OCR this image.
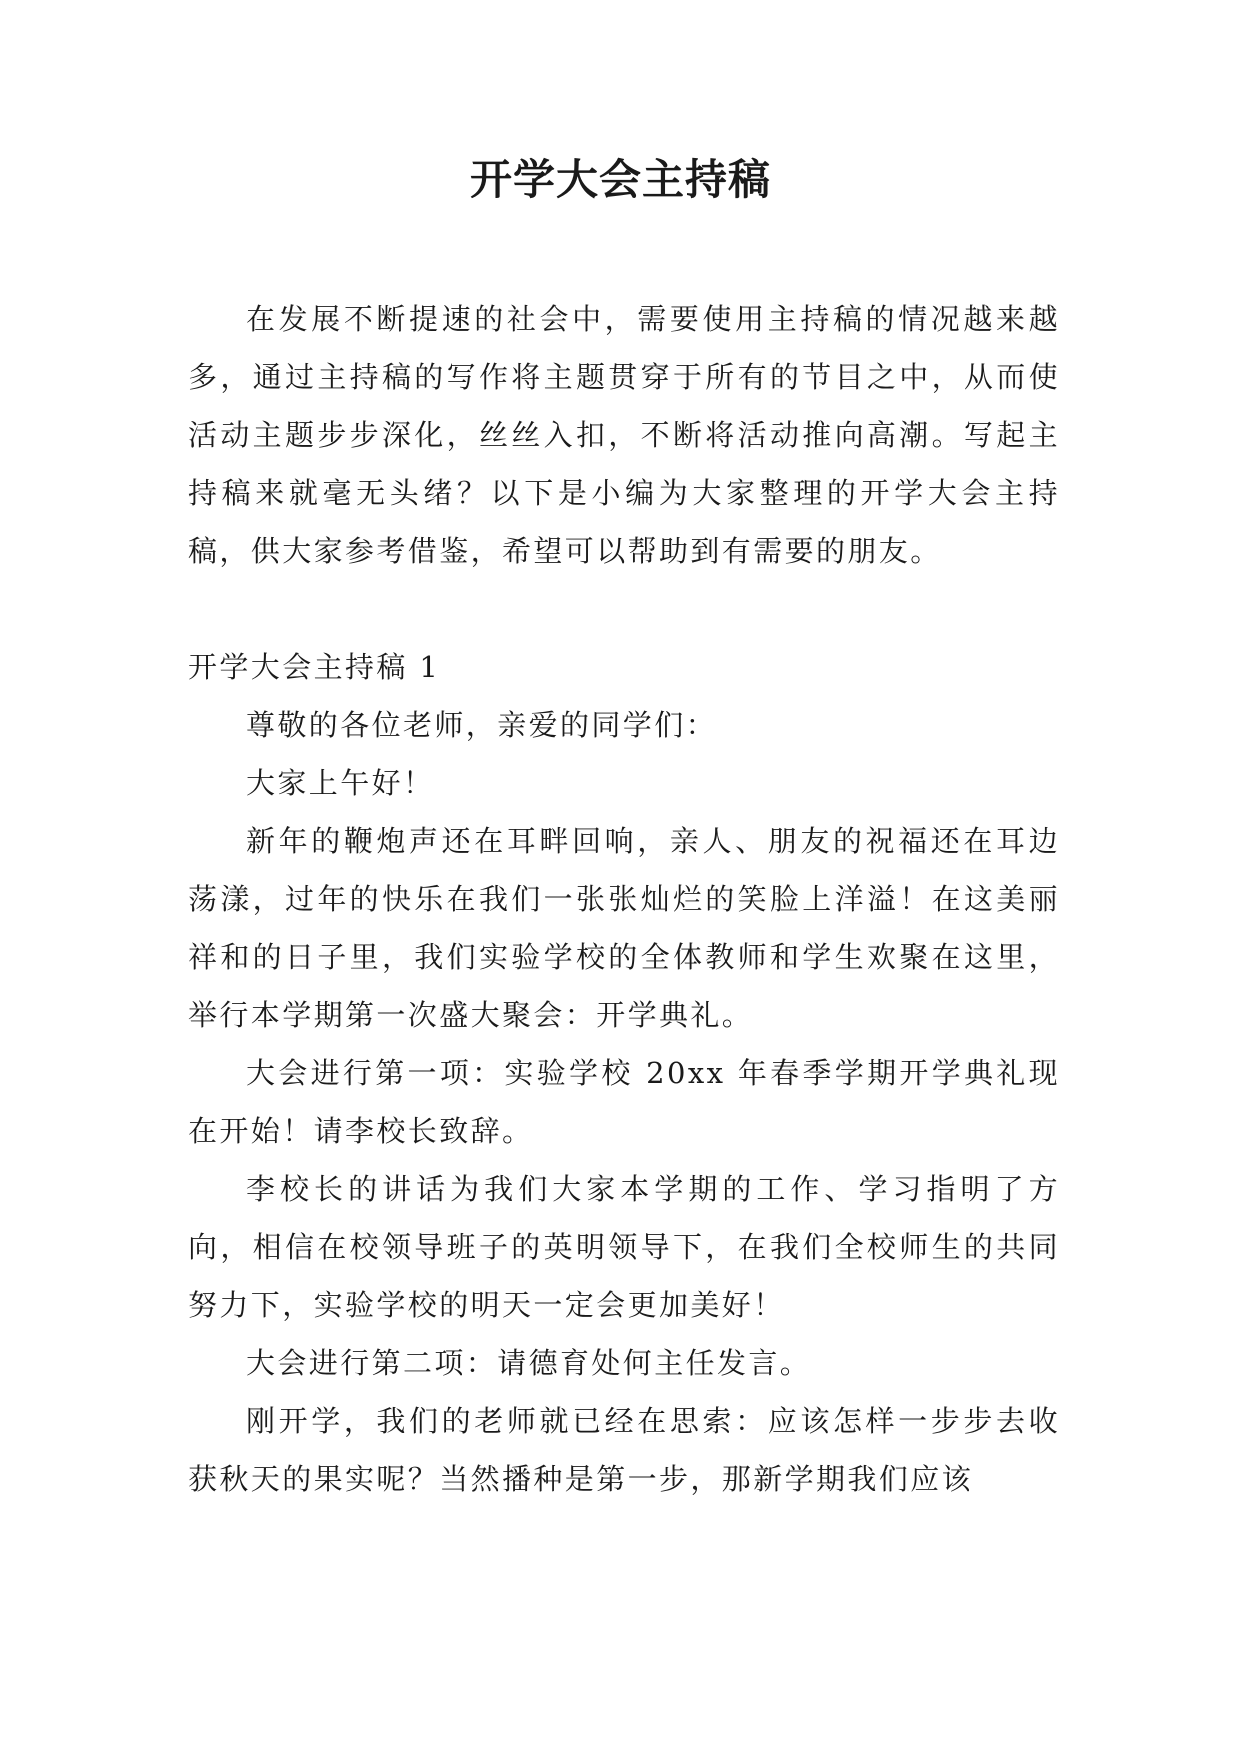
开学大会主持稿

在发展不断提速的社会中，需要使用主持稿的情况越来越多，通过主持稿的写作将主题贯穿于所有的节目之中，从而使活动主题步步深化，丝丝入扣，不断将活动推向高潮。写起主持稿来就毫无头绪？以下是小编为大家整理的开学大会主持稿，供大家参考借鉴，希望可以帮助到有需要的朋友。

开学大会主持稿 1

尊敬的各位老师，亲爱的同学们：

大家上午好！

新年的鞭炮声还在耳畔回响，亲人、朋友的祝福还在耳边荡漾，过年的快乐在我们一张张灿烂的笑脸上洋溢！在这美丽祥和的日子里，我们实验学校的全体教师和学生欢聚在这里，举行本学期第一次盛大聚会：开学典礼。

大会进行第一项：实验学校 20xx 年春季学期开学典礼现在开始！请李校长致辞。

李校长的讲话为我们大家本学期的工作、学习指明了方向，相信在校领导班子的英明领导下，在我们全校师生的共同努力下，实验学校的明天一定会更加美好！

大会进行第二项：请德育处何主任发言。

刚开学，我们的老师就已经在思索：应该怎样一步步去收获秋天的果实呢？当然播种是第一步，那新学期我们应该
